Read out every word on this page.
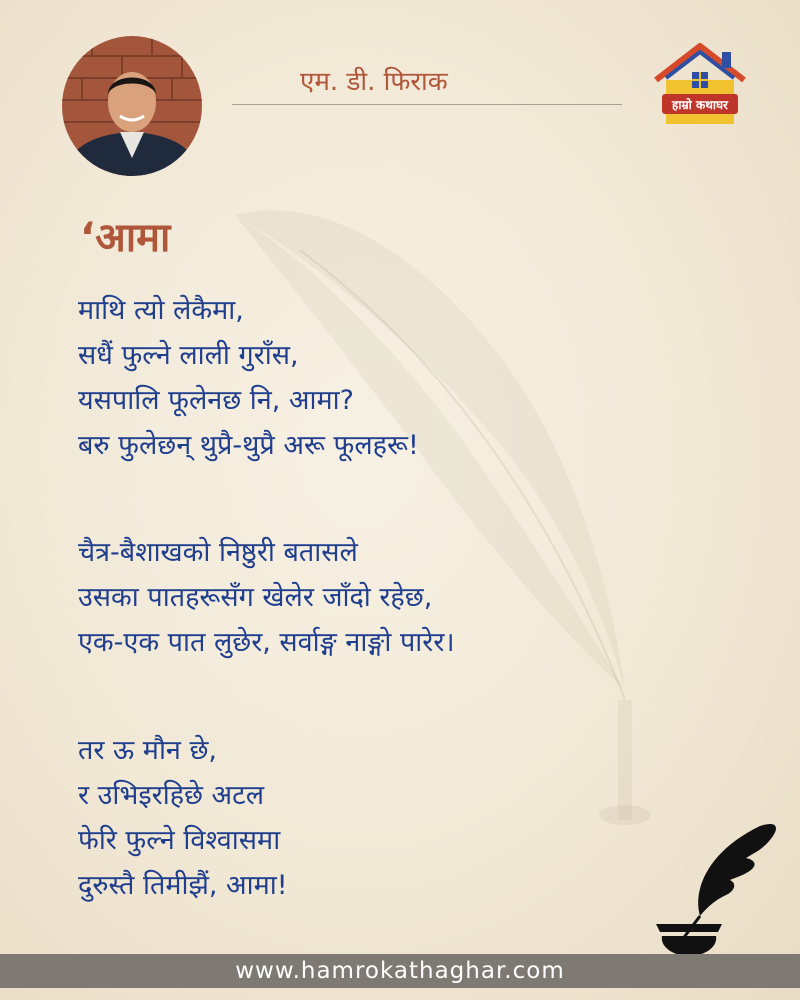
एम. डी. फिराक
हाम्रो कथाघर
‘आमा
माथि त्यो लेकैमा,
सधैं फुल्ने लाली गुराँस,
यसपालि फूलेनछ नि, आमा?
बरु फुलेछन् थुप्रै-थुप्रै अरू फूलहरू!
चैत्र-बैशाखको निष्ठुरी बतासले
उसका पातहरूसँग खेलेर जाँदो रहेछ,
एक-एक पात लुछेर, सर्वाङ्ग नाङ्गो पारेर।
तर ऊ मौन छे,
र उभिइरहिछे अटल
फेरि फुल्ने विश्वासमा
दुरुस्तै तिमीझैं, आमा!
www.hamrokathaghar.com
